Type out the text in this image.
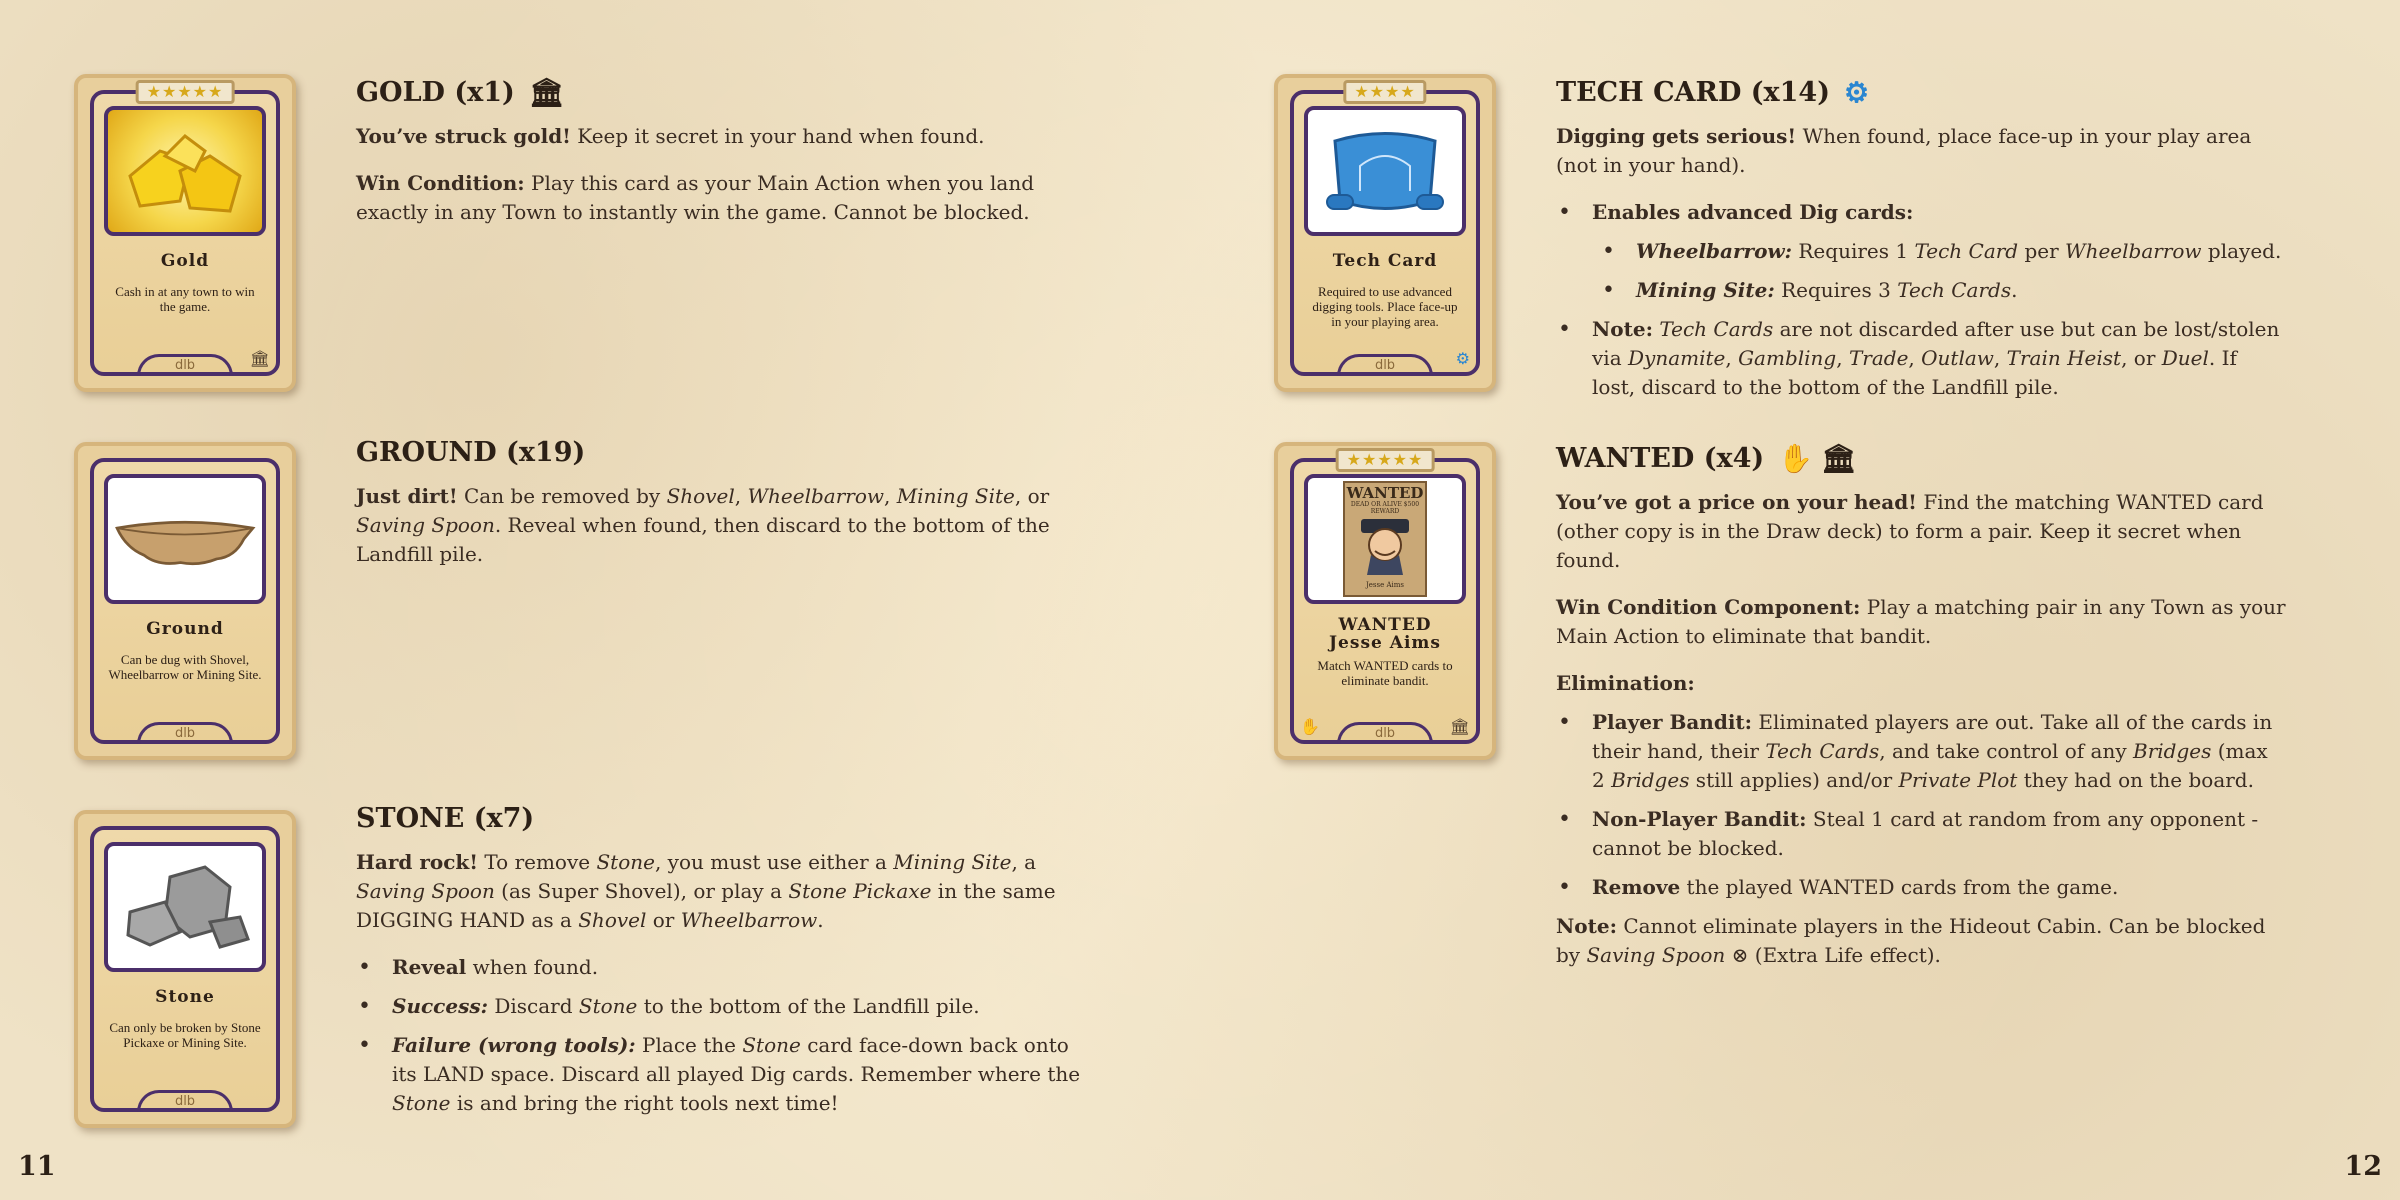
★★★★★
Gold
Cash in at any town to win the game.
dlb	🏛
GOLD (x1) 🏛

You’ve struck gold! Keep it secret in your hand when found.

Win Condition: Play this card as your Main Action when you land exactly in any Town to instantly win the game. Cannot be blocked.

Ground
Can be dug with Shovel, Wheelbarrow or Mining Site.
dlb
GROUND (x19)

Just dirt! Can be removed by Shovel, Wheelbarrow, Mining Site, or Saving Spoon. Reveal when found, then discard to the bottom of the Landfill pile.

Stone
Can only be broken by Stone Pickaxe or Mining Site.
dlb
STONE (x7)

Hard rock! To remove Stone, you must use either a Mining Site, a Saving Spoon (as Super Shovel), or play a Stone Pickaxe in the same DIGGING HAND as a Shovel or Wheelbarrow.

• Reveal when found.
• Success: Discard Stone to the bottom of the Landfill pile.
• Failure (wrong tools): Place the Stone card face-down back onto its LAND space. Discard all played Dig cards. Remember where the Stone is and bring the right tools next time!
11
★★★★
Tech Card
Required to use advanced digging tools. Place face-up in your playing area.
dlb	⚙
TECH CARD (x14) ⚙

Digging gets serious! When found, place face-up in your play area (not in your hand).

• Enables advanced Dig cards:
• Wheelbarrow: Requires 1 Tech Card per Wheelbarrow played.
• Mining Site: Requires 3 Tech Cards.
• Note: Tech Cards are not discarded after use but can be lost/stolen via Dynamite, Gambling, Trade, Outlaw, Train Heist, or Duel. If lost, discard to the bottom of the Landfill pile.
★★★★★
WANTED
DEAD OR ALIVE $500 REWARD
Jesse Aims
WANTED
Jesse Aims
Match WANTED cards to eliminate bandit.
dlb
✋	🏛
WANTED (x4) ✋ 🏛

You’ve got a price on your head! Find the matching WANTED card (other copy is in the Draw deck) to form a pair. Keep it secret when found.

Win Condition Component: Play a matching pair in any Town as your Main Action to eliminate that bandit.

Elimination:

• Player Bandit: Eliminated players are out. Take all of the cards in their hand, their Tech Cards, and take control of any Bridges (max 2 Bridges still applies) and/or Private Plot they had on the board.
• Non-Player Bandit: Steal 1 card at random from any opponent - cannot be blocked.
• Remove the played WANTED cards from the game.

Note: Cannot eliminate players in the Hideout Cabin. Can be blocked by Saving Spoon ⊗ (Extra Life effect).

12
